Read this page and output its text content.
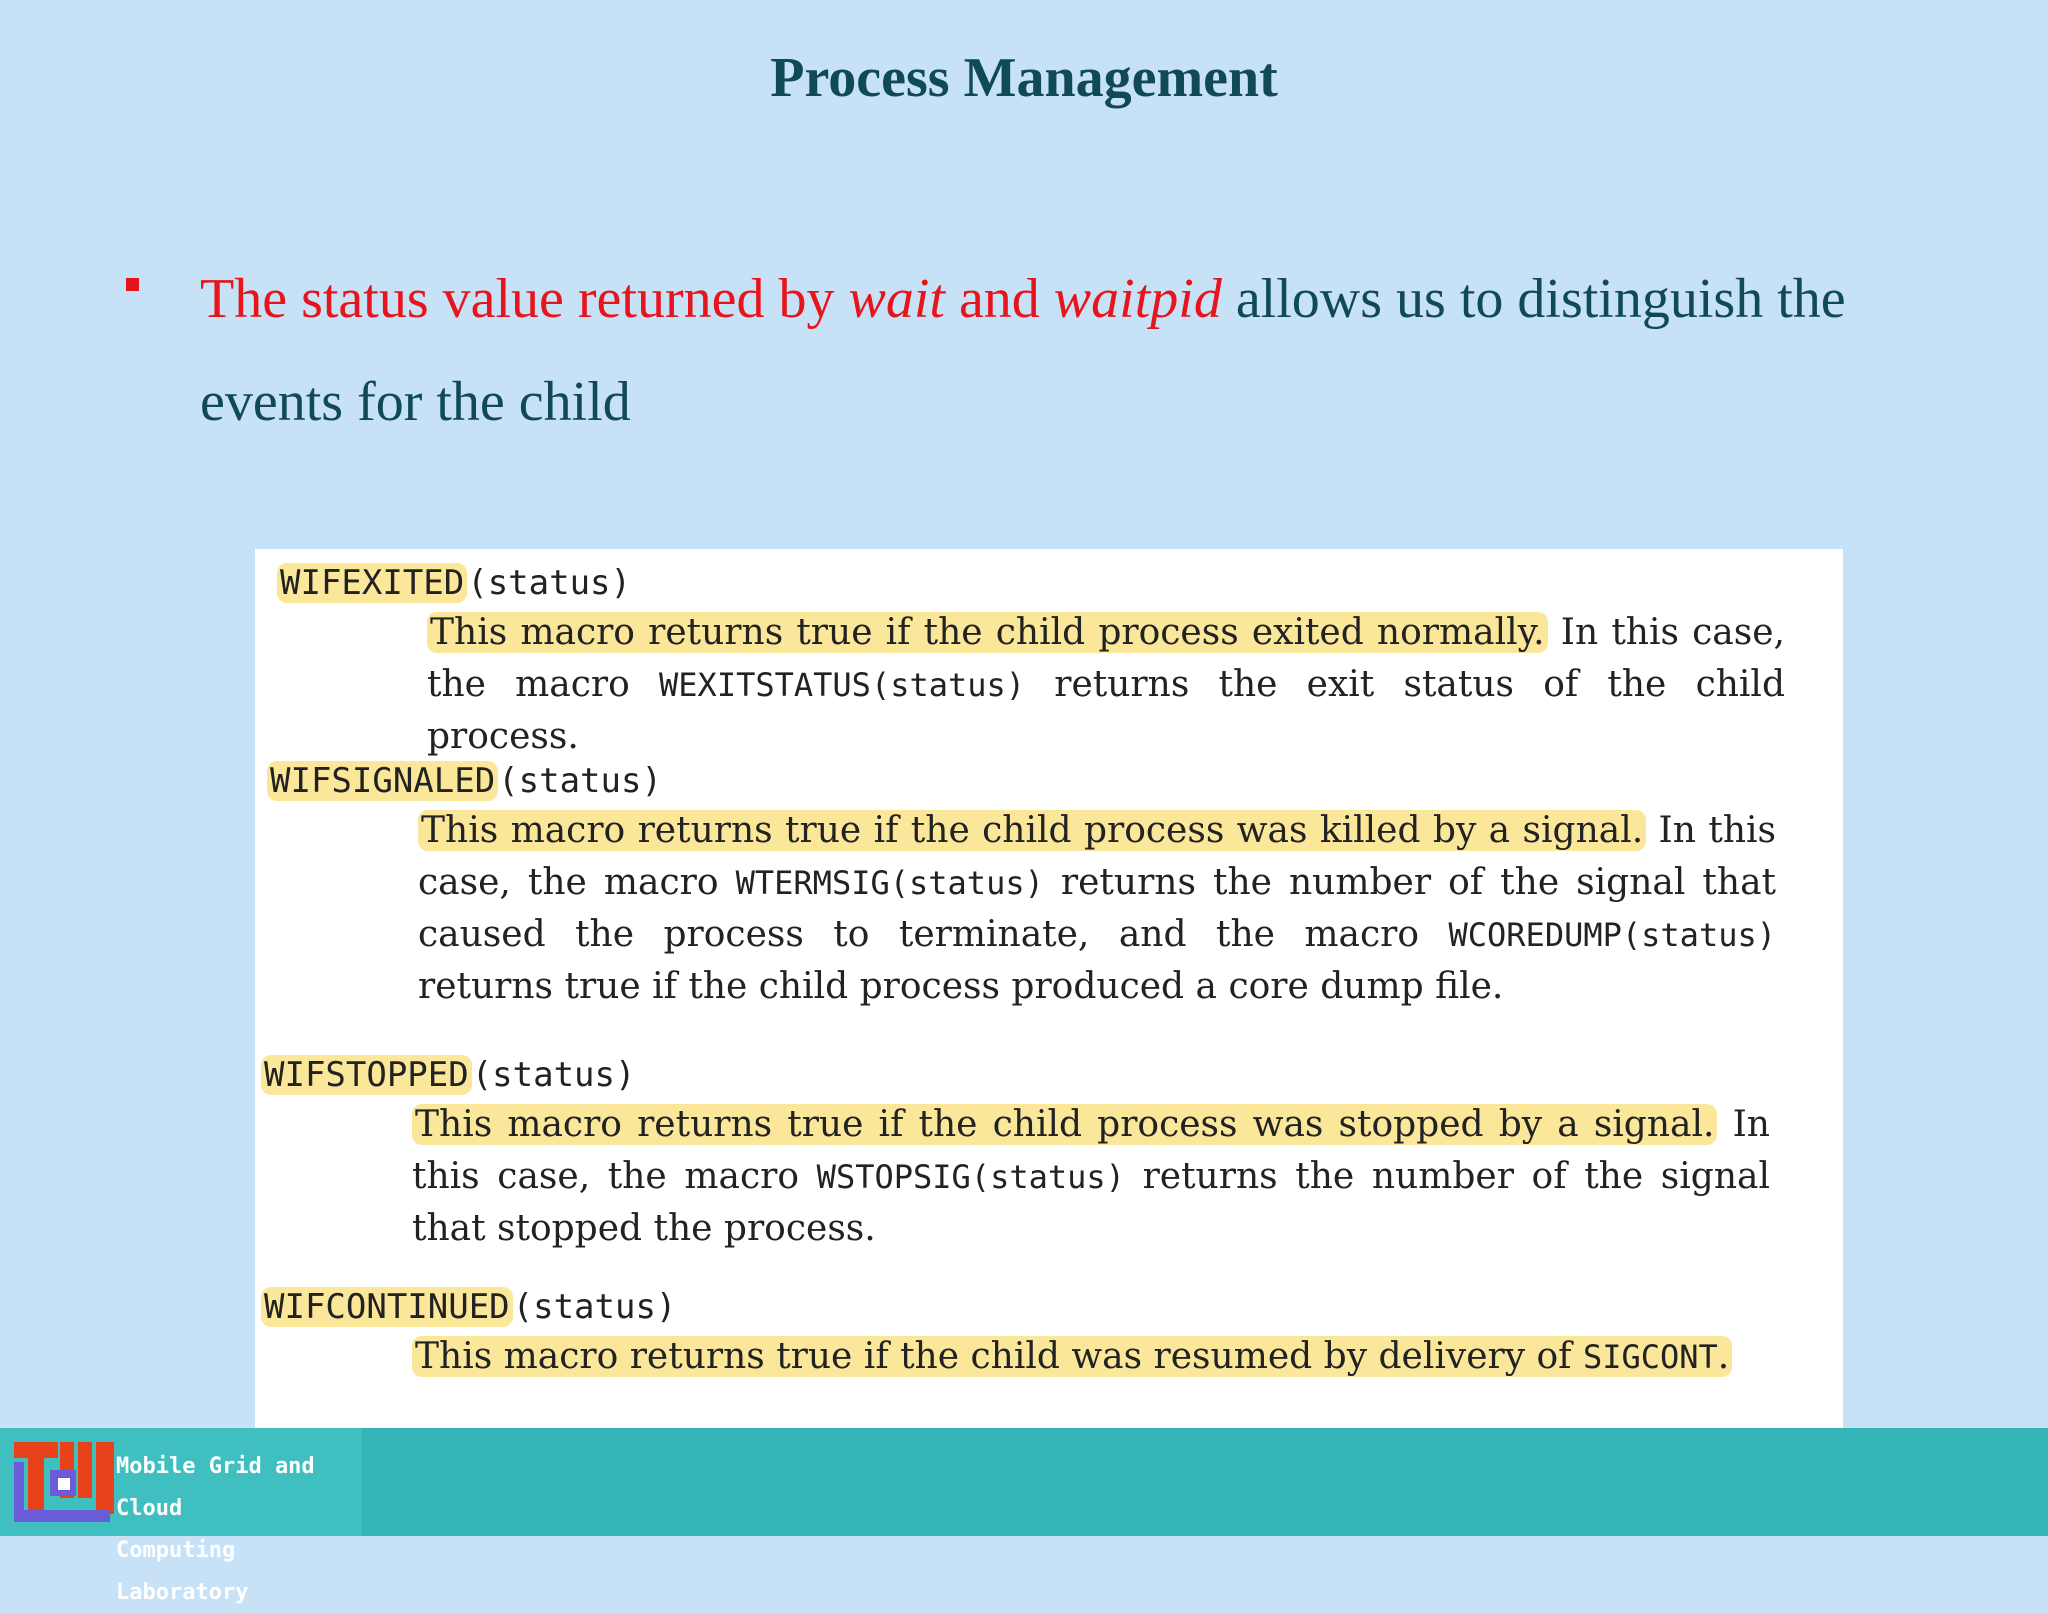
Process Management
The status value returned by wait and waitpid allows us to distinguish the
events for the child
WIFEXITED(status)
This macro returns true if the child process exited normally. In this case, the macro WEXITSTATUS(status) returns the exit status of the child process.
WIFSIGNALED(status)
This macro returns true if the child process was killed by a signal. In this case, the macro WTERMSIG(status) returns the number of the signal that caused the process to terminate, and the macro WCOREDUMP(status) returns true if the child process produced a core dump file.
WIFSTOPPED(status)
This macro returns true if the child process was stopped by a signal. In this case, the macro WSTOPSIG(status) returns the number of the signal that stopped the process.
WIFCONTINUED(status)
This macro returns true if the child was resumed by delivery of SIGCONT.
Mobile Grid and Cloud
Computing Laboratory
